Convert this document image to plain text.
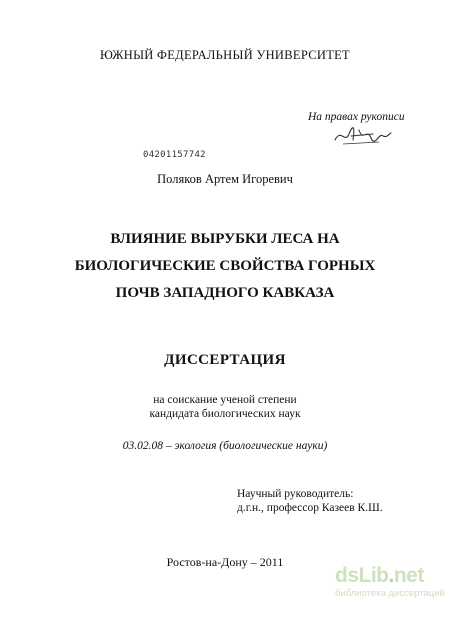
ЮЖНЫЙ ФЕДЕРАЛЬНЫЙ УНИВЕРСИТЕТ
На правах рукописи
04201157742
Поляков Артем Игоревич
ВЛИЯНИЕ ВЫРУБКИ ЛЕСА НА
БИОЛОГИЧЕСКИЕ СВОЙСТВА ГОРНЫХ
ПОЧВ ЗАПАДНОГО КАВКАЗА
ДИССЕРТАЦИЯ
на соискание ученой степени
кандидата биологических наук
03.02.08 – экология (биологические науки)
Научный руководитель:
д.г.н., профессор Казеев К.Ш.
Ростов-на-Дону – 2011
dsLib.net
библиотека диссертаций
